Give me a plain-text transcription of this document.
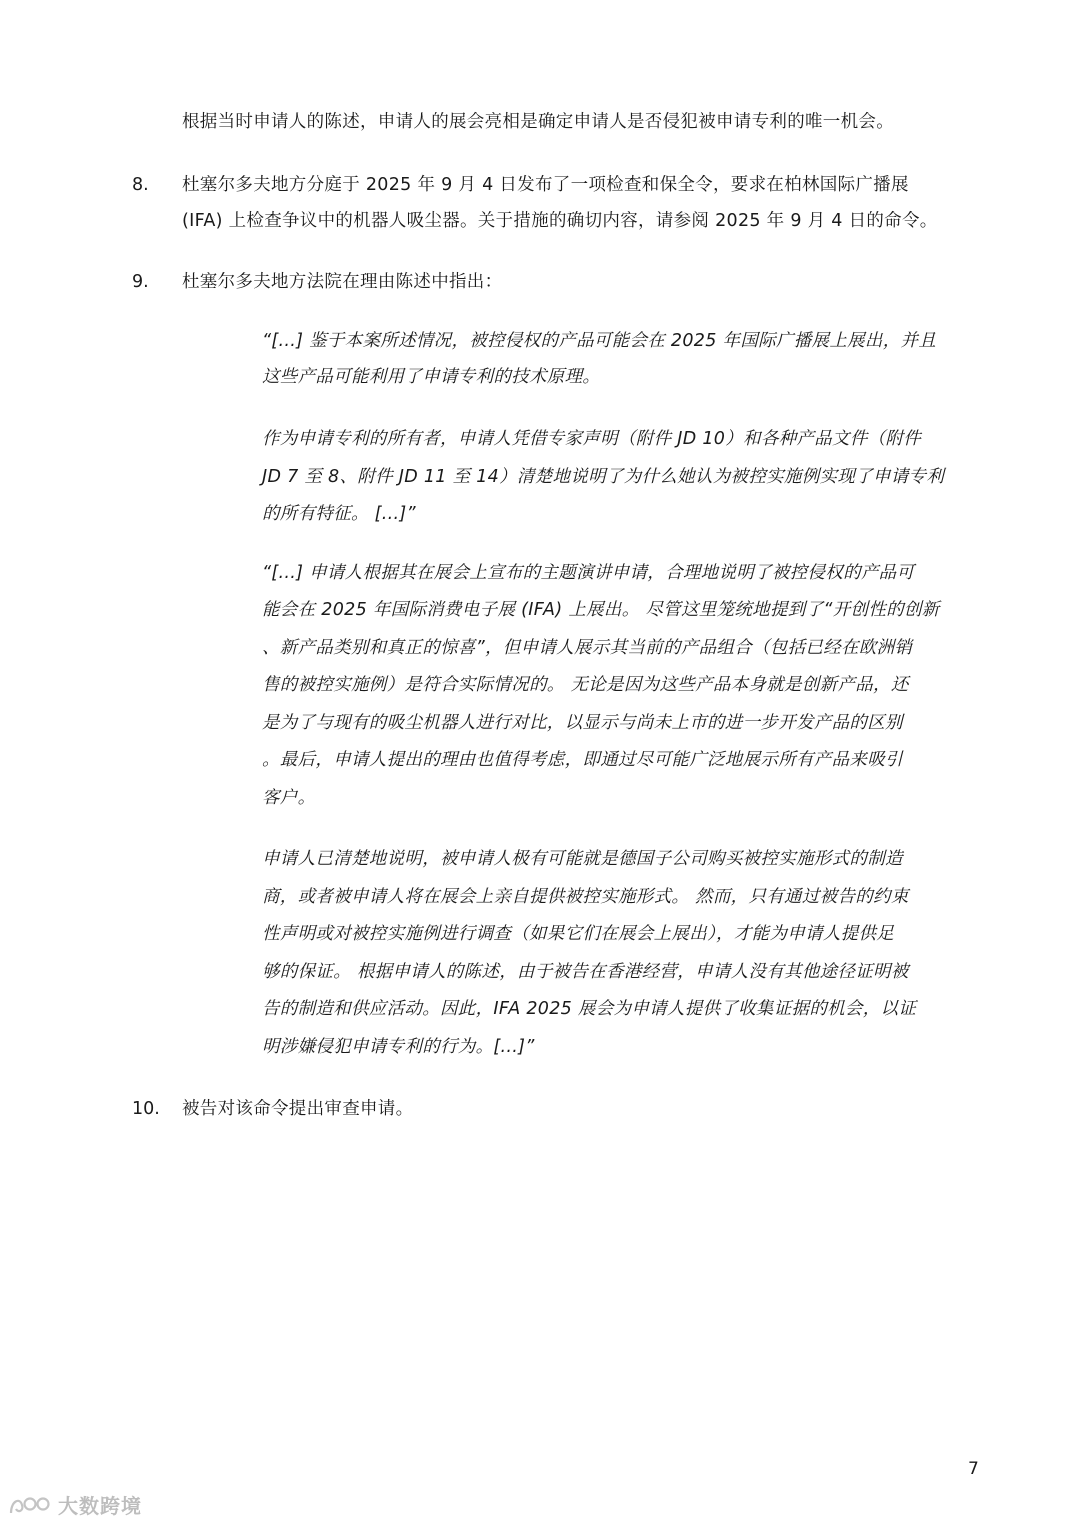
根据当时申请人的陈述，申请人的展会亮相是确定申请人是否侵犯被申请专利的唯一机会。
8. 杜塞尔多夫地方分庭于 2025 年 9 月 4 日发布了一项检查和保全令，要求在柏林国际广播展
(IFA) 上检查争议中的机器人吸尘器。关于措施的确切内容，请参阅 2025 年 9 月 4 日的命令。
9. 杜塞尔多夫地方法院在理由陈述中指出：
“[...] 鉴于本案所述情况，被控侵权的产品可能会在 2025 年国际广播展上展出，并且
这些产品可能利用了申请专利的技术原理。
作为申请专利的所有者，申请人凭借专家声明（附件 JD 10）和各种产品文件（附件
JD 7 至 8、附件 JD 11 至 14）清楚地说明了为什么她认为被控实施例实现了申请专利
的所有特征。 [...]”
“[...] 申请人根据其在展会上宣布的主题演讲申请，合理地说明了被控侵权的产品可
能会在 2025 年国际消费电子展 (IFA) 上展出。 尽管这里笼统地提到了“开创性的创新
、新产品类别和真正的惊喜”，但申请人展示其当前的产品组合（包括已经在欧洲销
售的被控实施例）是符合实际情况的。 无论是因为这些产品本身就是创新产品，还
是为了与现有的吸尘机器人进行对比，以显示与尚未上市的进一步开发产品的区别
。最后，申请人提出的理由也值得考虑，即通过尽可能广泛地展示所有产品来吸引
客户。
申请人已清楚地说明，被申请人极有可能就是德国子公司购买被控实施形式的制造
商，或者被申请人将在展会上亲自提供被控实施形式。 然而，只有通过被告的约束
性声明或对被控实施例进行调查（如果它们在展会上展出），才能为申请人提供足
够的保证。 根据申请人的陈述，由于被告在香港经营，申请人没有其他途径证明被
告的制造和供应活动。因此，IFA 2025 展会为申请人提供了收集证据的机会，以证
明涉嫌侵犯申请专利的行为。[...]”
10. 被告对该命令提出审查申请。
7
大数跨境
